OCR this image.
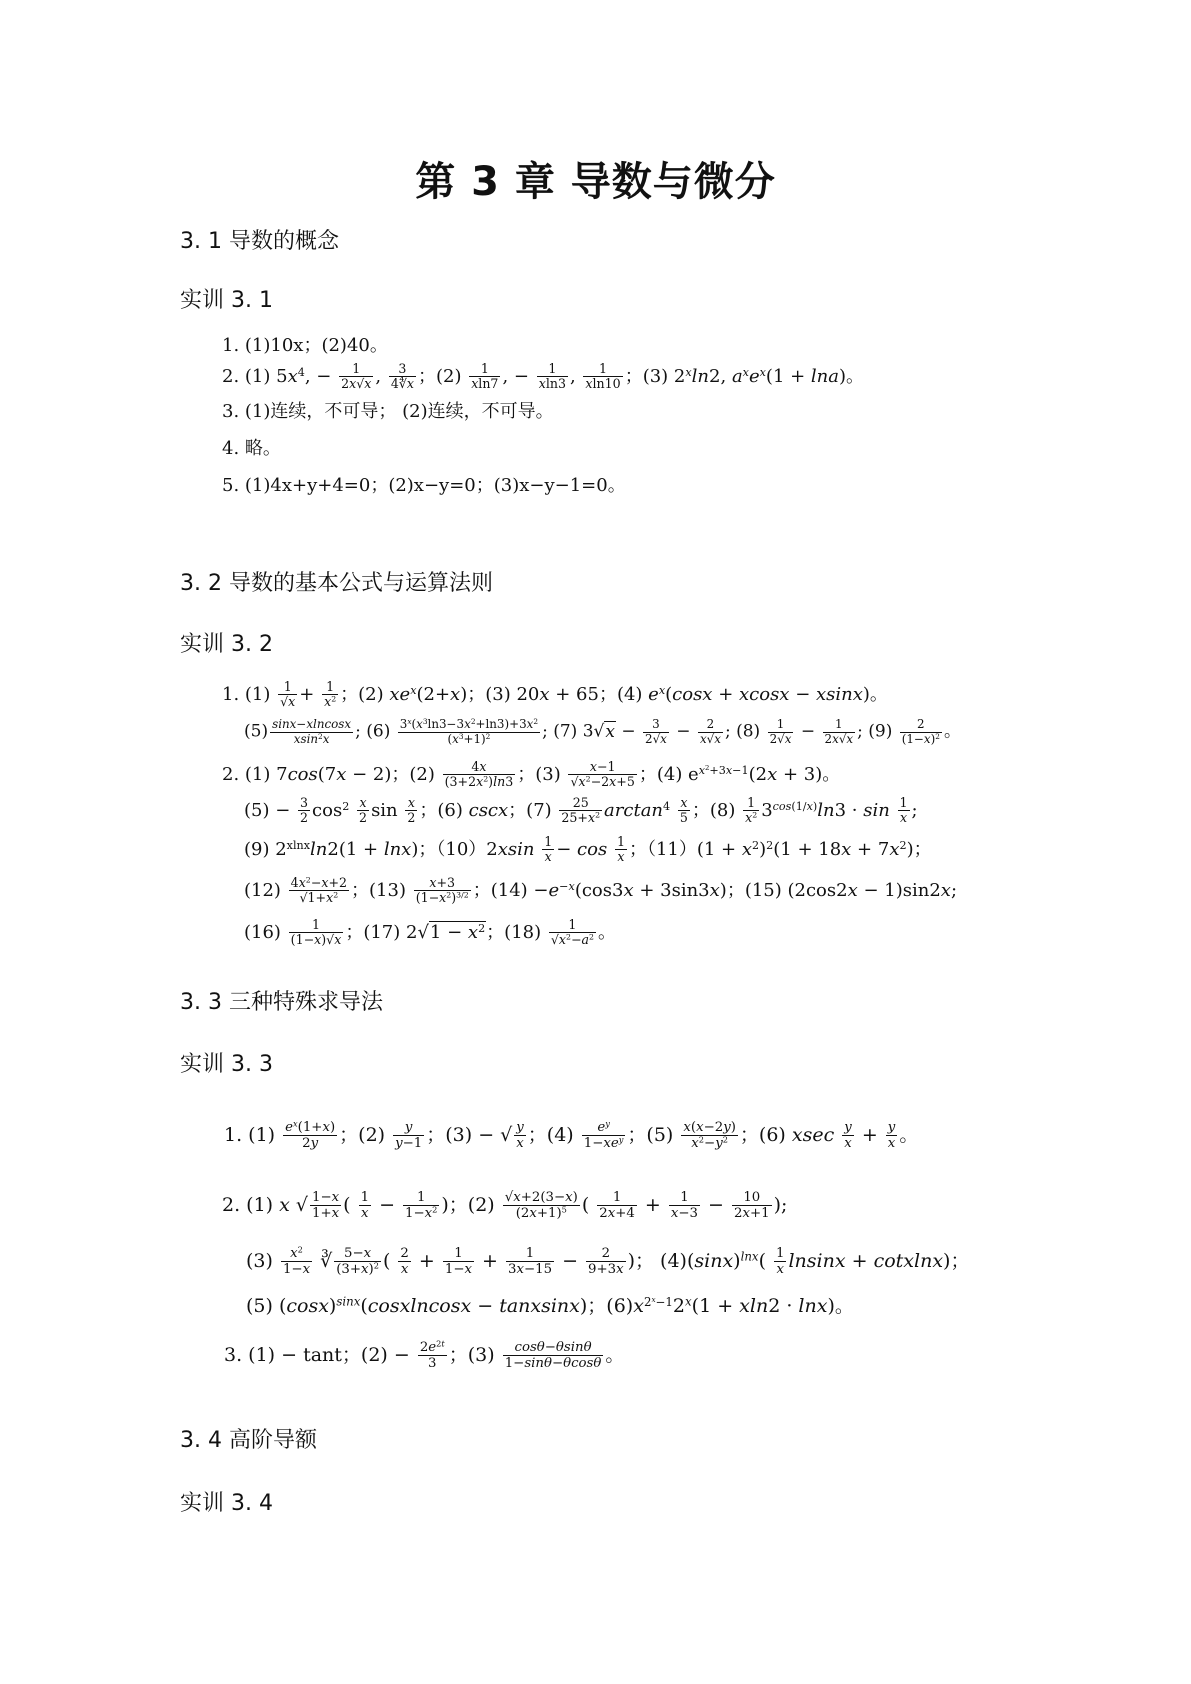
第 3 章 导数与微分
3. 1 导数的概念
实训 3. 1
1. (1)10x；(2)40。
2. (1) $5x^4$, − $\frac{1}{2x√x}$ , $\frac{3}{4∜x}$ ；$(2) \frac{1}{xln7}$ , − $\frac{1}{xln3}$ , $\frac{1}{xln10}$ ；(3) 2$^x$ln2, $a^xe^x(1 + \ln a)$。
3. (1)连续，不可导； (2)连续，不可导。
4. 略。
5. (1)4x+y+4=0；(2)x−y=0；(3)x−y−1=0。
3. 2 导数的基本公式与运算法则
实训 3. 2
1. $(1) \frac{1}{√x} + \frac{1}{x^2}$ ；(2) $xe^x(2+x)$；(3) 20x + 65；(4) $e^x(\cos x + xcosx - xsinx)$。
$(5) \frac{\text{sinx−xlncosx}}{xsin^2x}$ ; $(6) \frac{3^x(x^3\ln 3-3x^2+\ln 3)+3x^2}{(x^3+1)^2}$ ; (7) $3√x - \frac{3}{2√x} - \frac{2}{x√x}$ ; $(8) \frac{1}{2√x} - \frac{1}{2x√x}$ ; $(9) \frac{2}{(1-x)^2}$ 。
2. (1) 7cos(7x − 2)；$(2) \frac{4x}{(3+2x^2)\ln 3}$ ；$(3) \frac{x-1}{√x^2-2x+5}$ ；(4) $e^{x^2+3x-1}(2x + 3)$。
$(5) - \frac{3}{2} \cos^2 \frac{x}{2}$ $\sin \frac{x}{2}$ ；(6) cscx；$(7) \frac{25}{25+x^2} \arctan^4 \frac{x}{5}$ ；$(8) \frac{1}{x^2} 3^{cos(1/x)}\ln 3 \cdot \sin \frac{1}{x}$ ;
(9) $2^{xlnx}\ln 2(1 + \ln x)$；$(10)2xsin \frac{1}{x} - \cos \frac{1}{x}$ ；$(11)(1 + x^2)^2(1 + 18x + 7x^2)$；
$(12) \frac{4x^2-x+2}{√1+x^2}$ ；$(13) \frac{x+3}{(1-x^2)^{3/2}}$ ；$(14) -e^{-x}(\cos 3x + 3\sin 3x)$；(15) (2cos2x − 1)sin2x;
$(16) \frac{1}{(1-x)√x}$ ；(17) $2√1 - x^2$；$(18) \frac{1}{√x^2-a^2}$ 。
3. 3 三种特殊求导法
实训 3. 3
1. $(1) \frac{e^x(1+x)}{2y}$ ；$(2) \frac{y}{y-1}$ ；(3) − √ $\frac{y}{x}$ ；(4)	$e^y$
$1-xe^y$ ；$(5) \frac{x(x-2y)}{x^2-y^2}$ ；(6) xsec $\frac{y}{x} + \frac{y}{x}$ 。
2. (1) x √ $\frac{1-x}{1+x}$ ( $\frac{1}{x} - \frac{1}{1-x^2}$ )；$(2) \frac{√x+2(3-x)}{(2x+1)^5}$ ( $\frac{1}{2x+4} + \frac{1}{x-3} - \frac{10}{2x+1}$ );
$(3) \frac{x^2}{1-x}$ ∛ $\frac{5-x}{(3+x)^2}$ ( $\frac{2}{x} + \frac{1}{1-x} + \frac{1}{3x-15} - \frac{2}{9+3x}$ )； $(4)(\sin x)^{lnx}( \frac{1}{x}$ lnsinx + cotxlnx)；
(5) $(\cos x)^{sinx}(cosxlncosx$ − tanxsinx)；$(6)x^{2^x-1}2^x(1 + xln2 \cdot \ln x)$。
3. (1) − tant；$(2) - \frac{2e^{2t}}{3}$ ；$(3) \frac{\cos\theta-\theta\sin\theta}{1-\sin\theta-\theta\cos\theta}$ 。
3. 4 高阶导额
实训 3. 4
